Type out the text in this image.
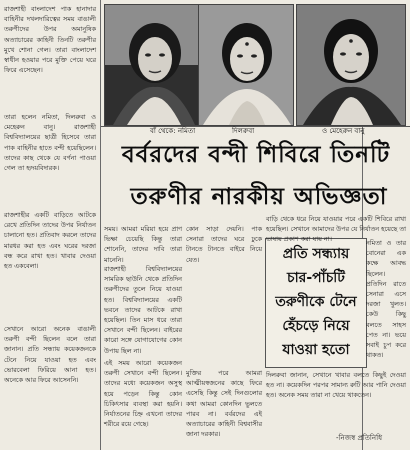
রাজশাহী বাংলাদেশ পাক হানাদার বাহিনীর দখলদারিত্বের সময় বাঙালী তরুণীদের উপর অমানুষিক অত্যাচারের কাহিনী তিনটি তরুণীর মুখে শোনা গেল। তারা বাংলাদেশ স্বাধীন হওয়ার পরে মুক্তি পেয়ে ঘরে ফিরে এসেছেন।

তারা হলেন নমিতা, দিলরুবা ও মেহেরুন বানু। রাজশাহী বিশ্ববিদ্যালয়ের ছাত্রী হিসেবে তারা পাক বাহিনীর হাতে বন্দী হয়েছিলেন। তাদের কাছ থেকে যে বর্ণনা পাওয়া গেল তা হৃদয়বিদারক।

রাজশাহীর একটি বাড়িতে আটকে রেখে প্রতিদিন তাদের উপর নির্যাতন চালানো হত। প্রতিবাদ করলে তাদের মারধর করা হত এবং ঘরের দরজা বন্ধ করে রাখা হত। খাবার দেওয়া হত একবেলা।

সেখানে আরো অনেক বাঙালী তরুণী বন্দী ছিলেন বলে তারা জানান। প্রতি সন্ধ্যায় কয়েকজনকে টেনে নিয়ে যাওয়া হত এবং ভোরবেলা ফিরিয়ে আনা হত। অনেকে আর ফিরে আসেননি।

বাঁ থেকে: নমিতা	দিলরুবা	ও মেহেরুন বানু
বর্বরদের বন্দী শিবিরে তিনটি
তরুণীর নারকীয় অভিজ্ঞতা

সময়। আমরা মরিয়া হয়ে প্রাণ ভিক্ষা চেয়েছি কিন্তু তারা শোনেনি, তাদের দাবি তারা মানেনি।

রাজশাহী বিশ্ববিদ্যালয়ের সামরিক ছাউনি থেকে প্রতিদিন তরুণীদের তুলে নিয়ে যাওয়া হত। বিশ্ববিদ্যালয়ের একটি ভবনে তাদের আটকে রাখা হয়েছিল। তিন মাস ধরে তারা সেখানে বন্দী ছিলেন। বাইরের কারো সঙ্গে যোগাযোগের কোন উপায় ছিল না।

এই সময় আরো কয়েকজন তরুণী সেখানে বন্দী ছিলেন। তাদের মধ্যে কয়েকজন অসুস্থ হয়ে পড়েন কিন্তু কোন চিকিৎসার ব্যবস্থা করা হয়নি। নির্যাতনের চিহ্ন এখনো তাদের শরীরে রয়ে গেছে।

কোন সাড়া দেয়নি। পাক সেনারা তাদের ঘরে ঢুকে টানতে টানতে বাইরে নিয়ে যেত।

মুক্তির পরে আমরা আত্মীয়স্বজনের কাছে ফিরে এসেছি কিন্তু সেই দিনগুলোর কথা আমরা কোনদিন ভুলতে পারব না। বর্বরদের এই অত্যাচারের কাহিনী বিশ্ববাসীর জানা দরকার।

প্রতি সন্ধ্যায়
চার-পাঁচটি
তরুণীকে টেনে
হেঁচড়ে নিয়ে
যাওয়া হতো

বাড়ি থেকে ধরে নিয়ে যাওয়ার পরে একটি শিবিরে রাখা হয়েছিল। সেখানে আমাদের উপর যে নির্যাতন হয়েছে তা ভাষায় প্রকাশ করা যায় না।	নমিতা ও তার বোনেরা এক কক্ষে আবদ্ধ ছিলেন। প্রতিদিন রাতে সেনারা এসে দরজা খুলত। কেউ কিছু বলতে সাহস পেত না। ভয়ে সবাই চুপ করে থাকত।

দিলরুবা জানান, সেখানে খাবার বলতে কিছুই দেওয়া হত না। কয়েকদিন পরপর সামান্য রুটি আর পানি দেওয়া হত। অনেক সময় তারা না খেয়ে থাকতেন।

-নিজস্ব প্রতিনিধি
